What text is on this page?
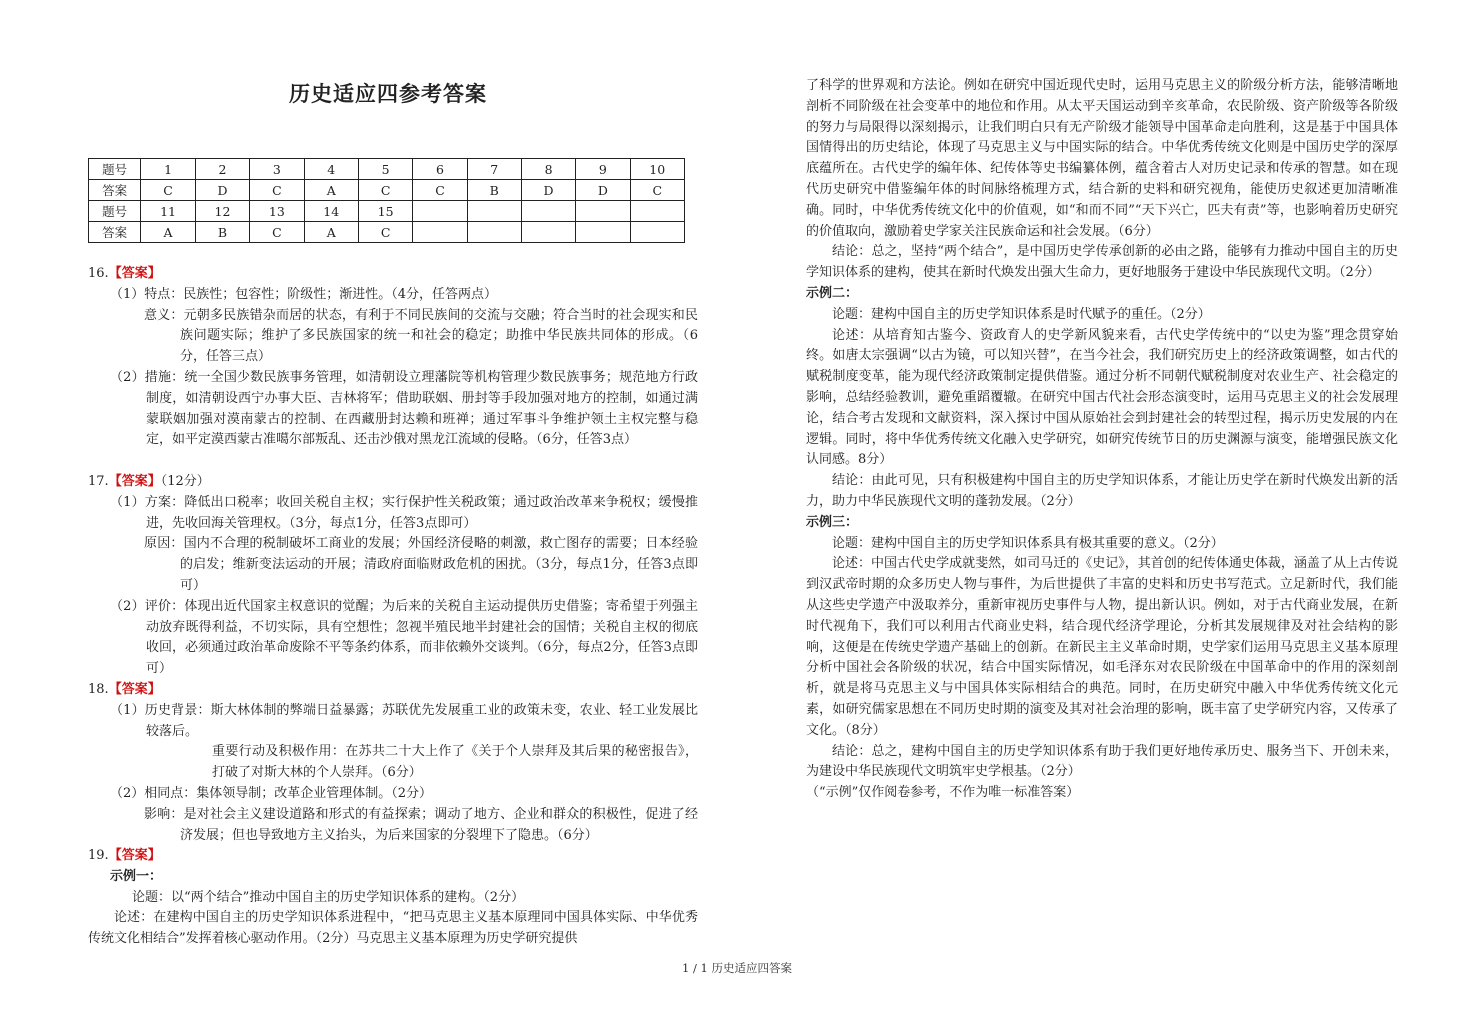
历史适应四参考答案
题号	1	2	3	4	5	6	7	8	9	10
答案	C	D	C	A	C	C	B	D	D	C
题号	11	12	13	14	15					
答案	A	B	C	A	C					

16.【答案】

（1）特点：民族性；包容性；阶级性；渐进性。（4分，任答两点）

意义：元朝多民族错杂而居的状态，有利于不同民族间的交流与交融；符合当时的社会现实和民族问题实际；维护了多民族国家的统一和社会的稳定；助推中华民族共同体的形成。（6分，任答三点）

（2）措施：统一全国少数民族事务管理，如清朝设立理藩院等机构管理少数民族事务；规范地方行政制度，如清朝设西宁办事大臣、吉林将军；借助联姻、册封等手段加强对地方的控制，如通过满蒙联姻加强对漠南蒙古的控制、在西藏册封达赖和班禅；通过军事斗争维护领土主权完整与稳定，如平定漠西蒙古准噶尔部叛乱、还击沙俄对黑龙江流域的侵略。（6分，任答3点）

17.【答案】（12分）

（1）方案：降低出口税率；收回关税自主权；实行保护性关税政策；通过政治改革来争税权；缓慢推进，先收回海关管理权。（3分，每点1分，任答3点即可）

原因：国内不合理的税制破坏工商业的发展；外国经济侵略的刺激，救亡图存的需要；日本经验的启发；维新变法运动的开展；清政府面临财政危机的困扰。（3分，每点1分，任答3点即可）

（2）评价：体现出近代国家主权意识的觉醒；为后来的关税自主运动提供历史借鉴；寄希望于列强主动放弃既得利益，不切实际，具有空想性；忽视半殖民地半封建社会的国情；关税自主权的彻底收回，必须通过政治革命废除不平等条约体系，而非依赖外交谈判。（6分，每点2分，任答3点即可）

18.【答案】

（1）历史背景：斯大林体制的弊端日益暴露；苏联优先发展重工业的政策未变，农业、轻工业发展比较落后。

重要行动及积极作用：在苏共二十大上作了《关于个人崇拜及其后果的秘密报告》，打破了对斯大林的个人崇拜。（6分）

（2）相同点：集体领导制；改革企业管理体制。（2分）

影响：是对社会主义建设道路和形式的有益探索；调动了地方、企业和群众的积极性，促进了经济发展；但也导致地方主义抬头，为后来国家的分裂埋下了隐患。（6分）

19.【答案】

示例一：

论题：以“两个结合”推动中国自主的历史学知识体系的建构。（2分）

论述：在建构中国自主的历史学知识体系进程中，“把马克思主义基本原理同中国具体实际、中华优秀传统文化相结合”发挥着核心驱动作用。（2分）马克思主义基本原理为历史学研究提供

1 / 1 历史适应四答案

了科学的世界观和方法论。例如在研究中国近现代史时，运用马克思主义的阶级分析方法，能够清晰地剖析不同阶级在社会变革中的地位和作用。从太平天国运动到辛亥革命，农民阶级、资产阶级等各阶级的努力与局限得以深刻揭示，让我们明白只有无产阶级才能领导中国革命走向胜利，这是基于中国具体国情得出的历史结论，体现了马克思主义与中国实际的结合。中华优秀传统文化则是中国历史学的深厚底蕴所在。古代史学的编年体、纪传体等史书编纂体例，蕴含着古人对历史记录和传承的智慧。如在现代历史研究中借鉴编年体的时间脉络梳理方式，结合新的史料和研究视角，能使历史叙述更加清晰准确。同时，中华优秀传统文化中的价值观，如“和而不同”“天下兴亡，匹夫有责”等，也影响着历史研究的价值取向，激励着史学家关注民族命运和社会发展。（6分）

结论：总之，坚持“两个结合”，是中国历史学传承创新的必由之路，能够有力推动中国自主的历史学知识体系的建构，使其在新时代焕发出强大生命力，更好地服务于建设中华民族现代文明。（2分）

示例二：

论题：建构中国自主的历史学知识体系是时代赋予的重任。（2分）

论述：从培育知古鉴今、资政育人的史学新风貌来看，古代史学传统中的“以史为鉴”理念贯穿始终。如唐太宗强调“以古为镜，可以知兴替”，在当今社会，我们研究历史上的经济政策调整，如古代的赋税制度变革，能为现代经济政策制定提供借鉴。通过分析不同朝代赋税制度对农业生产、社会稳定的影响，总结经验教训，避免重蹈覆辙。在研究中国古代社会形态演变时，运用马克思主义的社会发展理论，结合考古发现和文献资料，深入探讨中国从原始社会到封建社会的转型过程，揭示历史发展的内在逻辑。同时，将中华优秀传统文化融入史学研究，如研究传统节日的历史渊源与演变，能增强民族文化认同感。8分）

结论：由此可见，只有积极建构中国自主的历史学知识体系，才能让历史学在新时代焕发出新的活力，助力中华民族现代文明的蓬勃发展。（2分）

示例三：

论题：建构中国自主的历史学知识体系具有极其重要的意义。（2分）

论述：中国古代史学成就斐然，如司马迁的《史记》，其首创的纪传体通史体裁，涵盖了从上古传说到汉武帝时期的众多历史人物与事件，为后世提供了丰富的史料和历史书写范式。立足新时代，我们能从这些史学遗产中汲取养分，重新审视历史事件与人物，提出新认识。例如，对于古代商业发展，在新时代视角下，我们可以利用古代商业史料，结合现代经济学理论，分析其发展规律及对社会结构的影响，这便是在传统史学遗产基础上的创新。在新民主主义革命时期，史学家们运用马克思主义基本原理分析中国社会各阶级的状况，结合中国实际情况，如毛泽东对农民阶级在中国革命中的作用的深刻剖析，就是将马克思主义与中国具体实际相结合的典范。同时，在历史研究中融入中华优秀传统文化元素，如研究儒家思想在不同历史时期的演变及其对社会治理的影响，既丰富了史学研究内容，又传承了文化。（8分）

结论：总之，建构中国自主的历史学知识体系有助于我们更好地传承历史、服务当下、开创未来，为建设中华民族现代文明筑牢史学根基。（2分）

（“示例”仅作阅卷参考，不作为唯一标准答案）
